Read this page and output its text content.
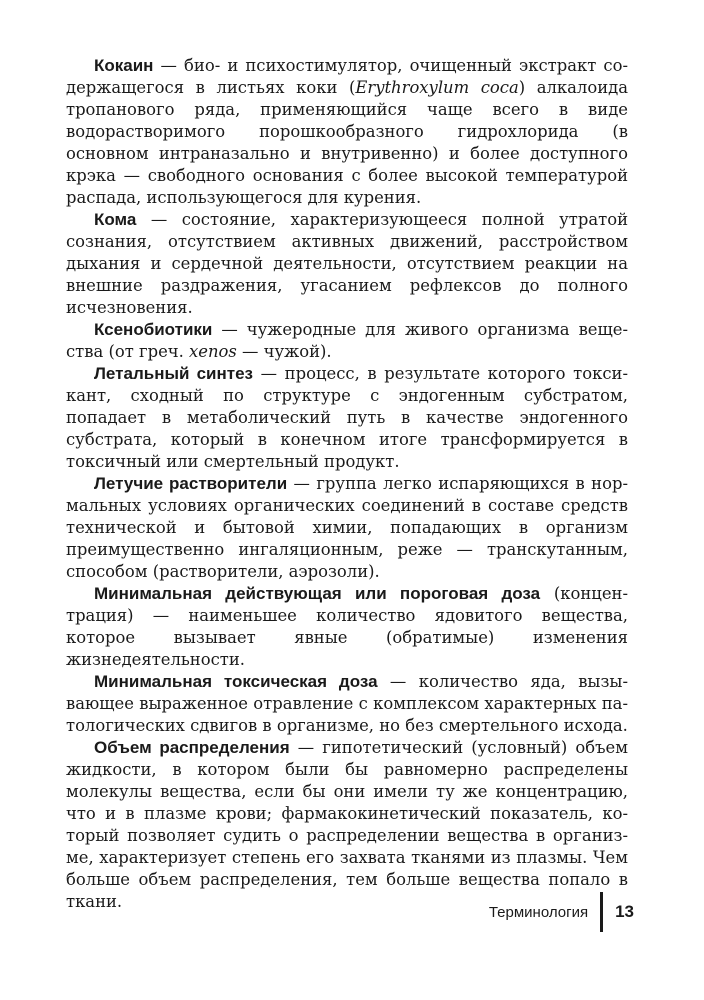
Кокаин — био- и психостимулятор, очищенный экстракт содержащегося в листьях коки (Erythroxylum coca) алкалоида тропанового ряда, применяющийся чаще всего в виде водорастворимого порошкообразного гидрохлорида (в основном интраназально и внутривенно) и более доступного крэка — свободного основания с более высокой температурой распада, использующегося для курения.

Кома — состояние, характеризующееся полной утратой сознания, отсутствием активных движений, расстройством дыхания и сердечной деятельности, отсутствием реакции на внешние раздражения, угасанием рефлексов до полного исчезновения.

Ксенобиотики — чужеродные для живого организма вещества (от греч. xenos — чужой).

Летальный синтез — процесс, в результате которого токсикант, сходный по структуре с эндогенным субстратом, попадает в метаболический путь в качестве эндогенного субстрата, который в конечном итоге трансформируется в токсичный или смертельный продукт.

Летучие растворители — группа легко испаряющихся в нормальных условиях органических соединений в составе средств технической и бытовой химии, попадающих в организм преимущественно ингаляционным, реже — транскутанным, способом (растворители, аэрозоли).

Минимальная действующая или пороговая доза (концентрация) — наименьшее количество ядовитого вещества, которое вызывает явные (обратимые) изменения жизнедеятельности.

Минимальная токсическая доза — количество яда, вызывающее выраженное отравление с комплексом характерных патологических сдвигов в организме, но без смертельного исхода.

Объем распределения — гипотетический (условный) объем жидкости, в котором были бы равномерно распределены молекулы вещества, если бы они имели ту же концентрацию, что и в плазме крови; фармакокинетический показатель, который позволяет судить о распределении вещества в организме, характеризует степень его захвата тканями из плазмы. Чем больше объем распределения, тем больше вещества попало в ткани.

Терминология 13
